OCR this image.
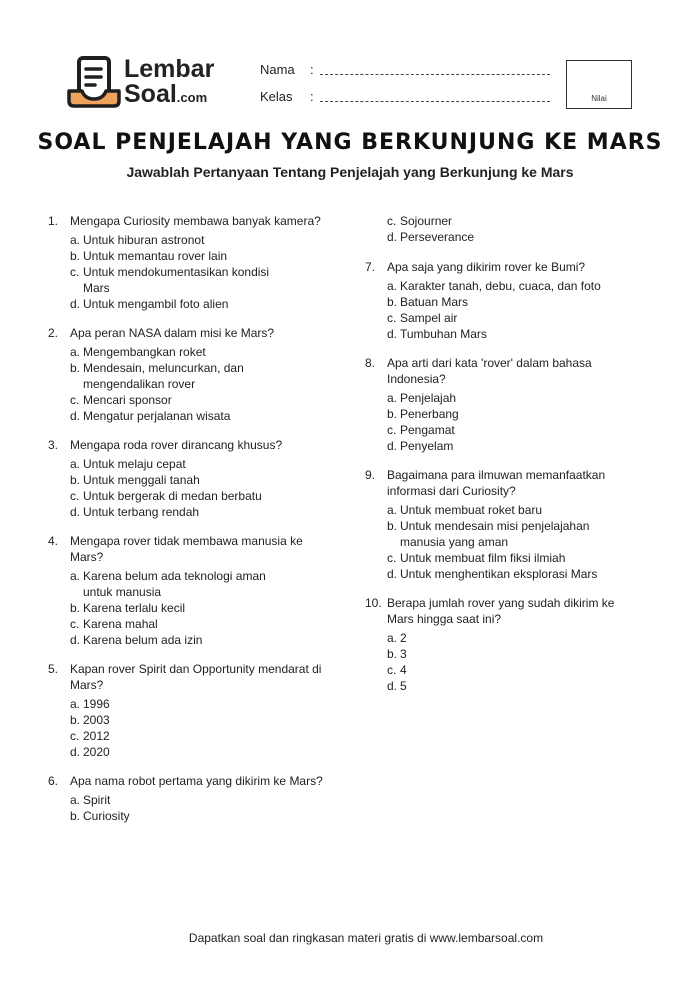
Lembar
Soal.com
Nama :
Kelas :	Nilai
SOAL PENJELAJAH YANG BERKUNJUNG KE MARS
Jawablah Pertanyaan Tentang Penjelajah yang Berkunjung ke Mars
1. Mengapa Curiosity membawa banyak kamera?
a. Untuk hiburan astronot
b. Untuk memantau rover lain
c. Untuk mendokumentasikan kondisi Mars
d. Untuk mengambil foto alien
2. Apa peran NASA dalam misi ke Mars?
a. Mengembangkan roket
b. Mendesain, meluncurkan, dan mengendalikan rover
c. Mencari sponsor
d. Mengatur perjalanan wisata
3. Mengapa roda rover dirancang khusus?
a. Untuk melaju cepat
b. Untuk menggali tanah
c. Untuk bergerak di medan berbatu
d. Untuk terbang rendah
4. Mengapa rover tidak membawa manusia ke Mars?
a. Karena belum ada teknologi aman untuk manusia
b. Karena terlalu kecil
c. Karena mahal
d. Karena belum ada izin
5. Kapan rover Spirit dan Opportunity mendarat di Mars?
a. 1996
b. 2003
c. 2012
d. 2020
6. Apa nama robot pertama yang dikirim ke Mars?
a. Spirit
b. Curiosity
c. Sojourner
d. Perseverance
7. Apa saja yang dikirim rover ke Bumi?
a. Karakter tanah, debu, cuaca, dan foto
b. Batuan Mars
c. Sampel air
d. Tumbuhan Mars
8. Apa arti dari kata 'rover' dalam bahasa Indonesia?
a. Penjelajah
b. Penerbang
c. Pengamat
d. Penyelam
9. Bagaimana para ilmuwan memanfaatkan informasi dari Curiosity?
a. Untuk membuat roket baru
b. Untuk mendesain misi penjelajahan manusia yang aman
c. Untuk membuat film fiksi ilmiah
d. Untuk menghentikan eksplorasi Mars
10. Berapa jumlah rover yang sudah dikirim ke Mars hingga saat ini?
a. 2
b. 3
c. 4
d. 5
Dapatkan soal dan ringkasan materi gratis di www.lembarsoal.com
